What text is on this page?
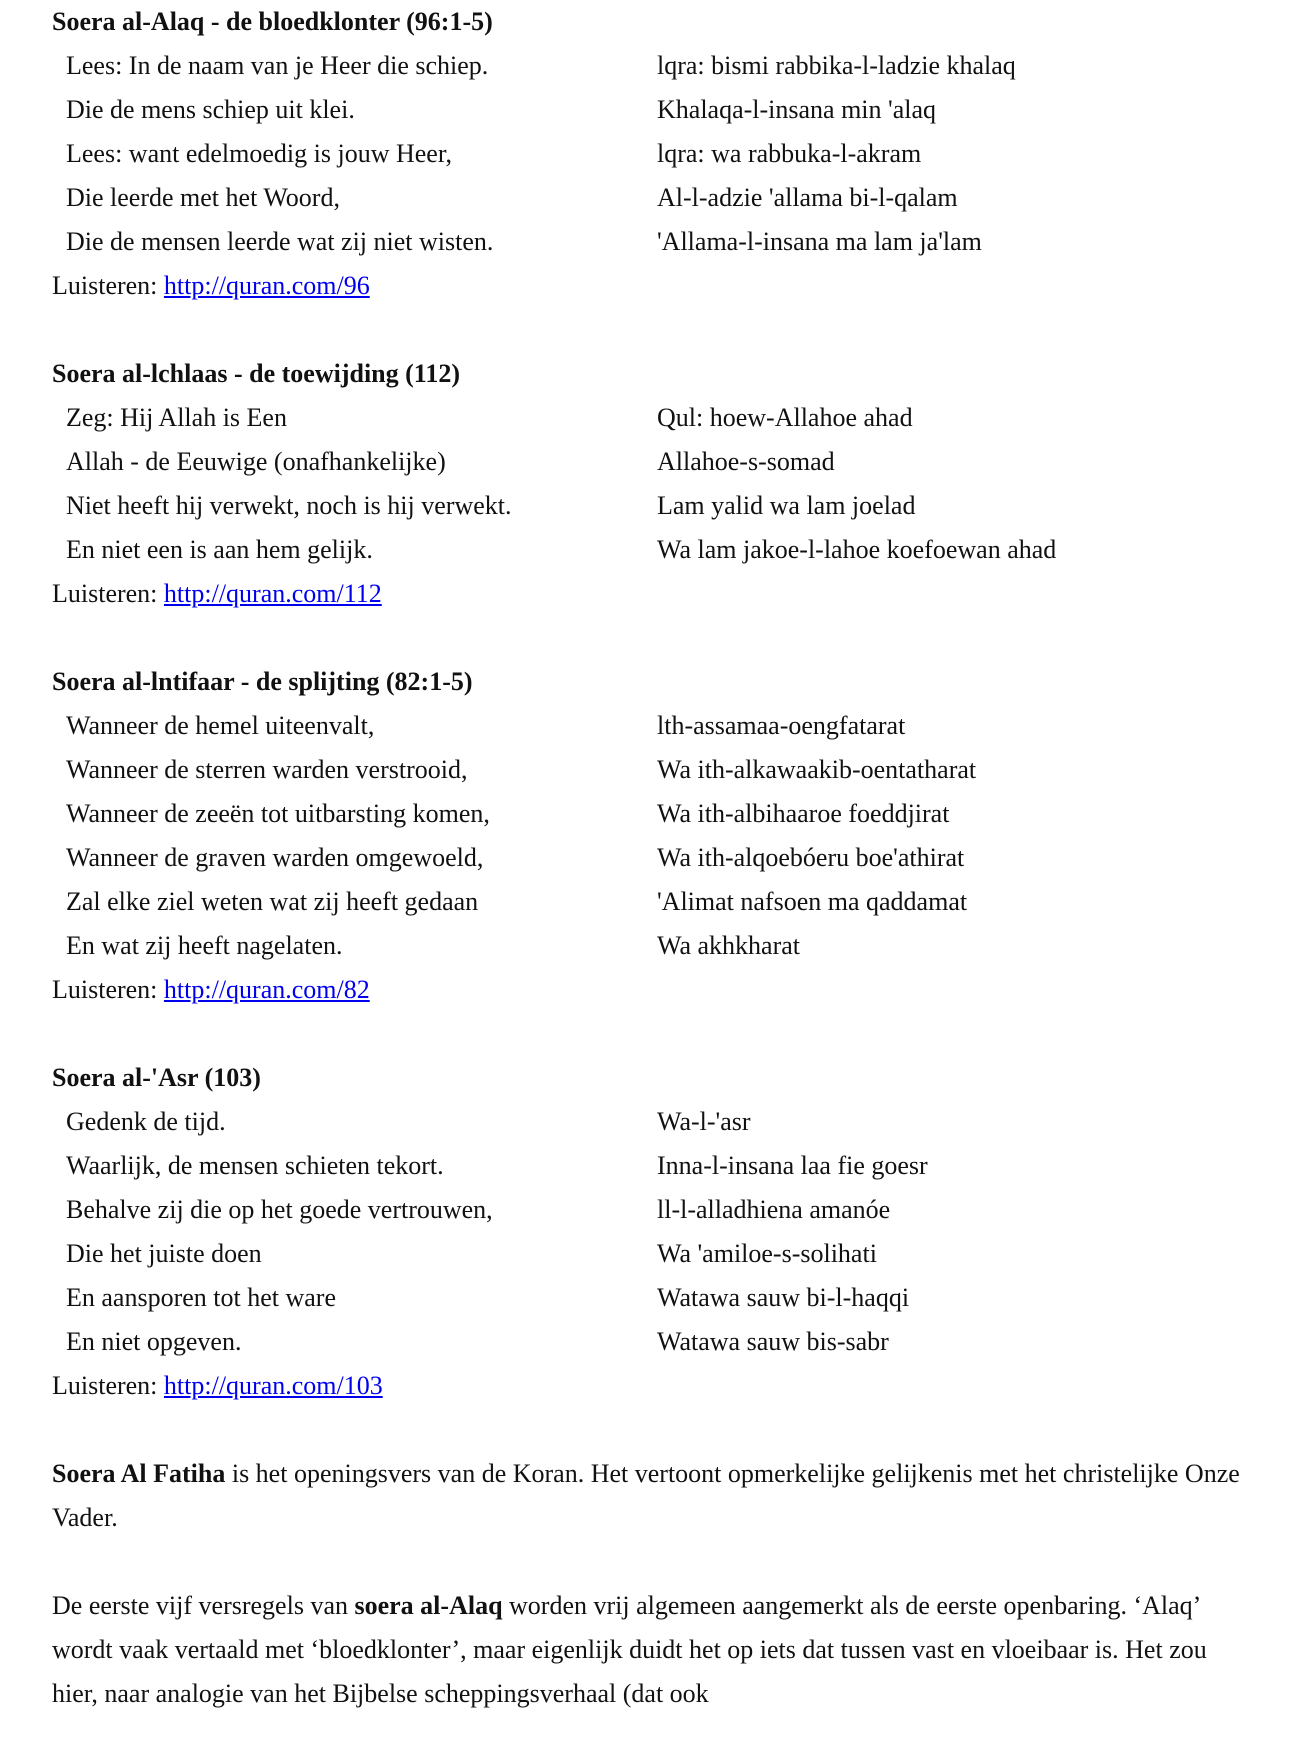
Soera al-Alaq - de bloedklonter (96:1-5)
Lees: In de naam van je Heer die schiep.	lqra: bismi rabbika-l-ladzie khalaq
Die de mens schiep uit klei.	Khalaqa-l-insana min 'alaq
Lees: want edelmoedig is jouw Heer,	lqra: wa rabbuka-l-akram
Die leerde met het Woord,	Al-l-adzie 'allama bi-l-qalam
Die de mensen leerde wat zij niet wisten.	'Allama-l-insana ma lam ja'lam
Luisteren: http://quran.com/96
Soera al-lchlaas - de toewijding (112)
Zeg: Hij Allah is Een	Qul: hoew-Allahoe ahad
Allah - de Eeuwige (onafhankelijke)	Allahoe-s-somad
Niet heeft hij verwekt, noch is hij verwekt.	Lam yalid wa lam joelad
En niet een is aan hem gelijk.	Wa lam jakoe-l-lahoe koefoewan ahad
Luisteren: http://quran.com/112
Soera al-lntifaar - de splijting (82:1-5)
Wanneer de hemel uiteenvalt,	lth-assamaa-oengfatarat
Wanneer de sterren warden verstrooid,	Wa ith-alkawaakib-oentatharat
Wanneer de zeeën tot uitbarsting komen,	Wa ith-albihaaroe foeddjirat
Wanneer de graven warden omgewoeld,	Wa ith-alqoebóeru boe'athirat
Zal elke ziel weten wat zij heeft gedaan	'Alimat nafsoen ma qaddamat
En wat zij heeft nagelaten.	Wa akhkharat
Luisteren: http://quran.com/82
Soera al-'Asr (103)
Gedenk de tijd.	Wa-l-'asr
Waarlijk, de mensen schieten tekort.	Inna-l-insana laa fie goesr
Behalve zij die op het goede vertrouwen,	ll-l-alladhiena amanóe
Die het juiste doen	Wa 'amiloe-s-solihati
En aansporen tot het ware	Watawa sauw bi-l-haqqi
En niet opgeven.	Watawa sauw bis-sabr
Luisteren: http://quran.com/103

Soera Al Fatiha is het openingsvers van de Koran. Het vertoont opmerkelijke gelijkenis met het christelijke Onze Vader.

De eerste vijf versregels van soera al-Alaq worden vrij algemeen aangemerkt als de eerste openbaring. ‘Alaq’ wordt vaak vertaald met ‘bloedklonter’, maar eigenlijk duidt het op iets dat tussen vast en vloeibaar is. Het zou hier, naar analogie van het Bijbelse scheppingsverhaal (dat ook
